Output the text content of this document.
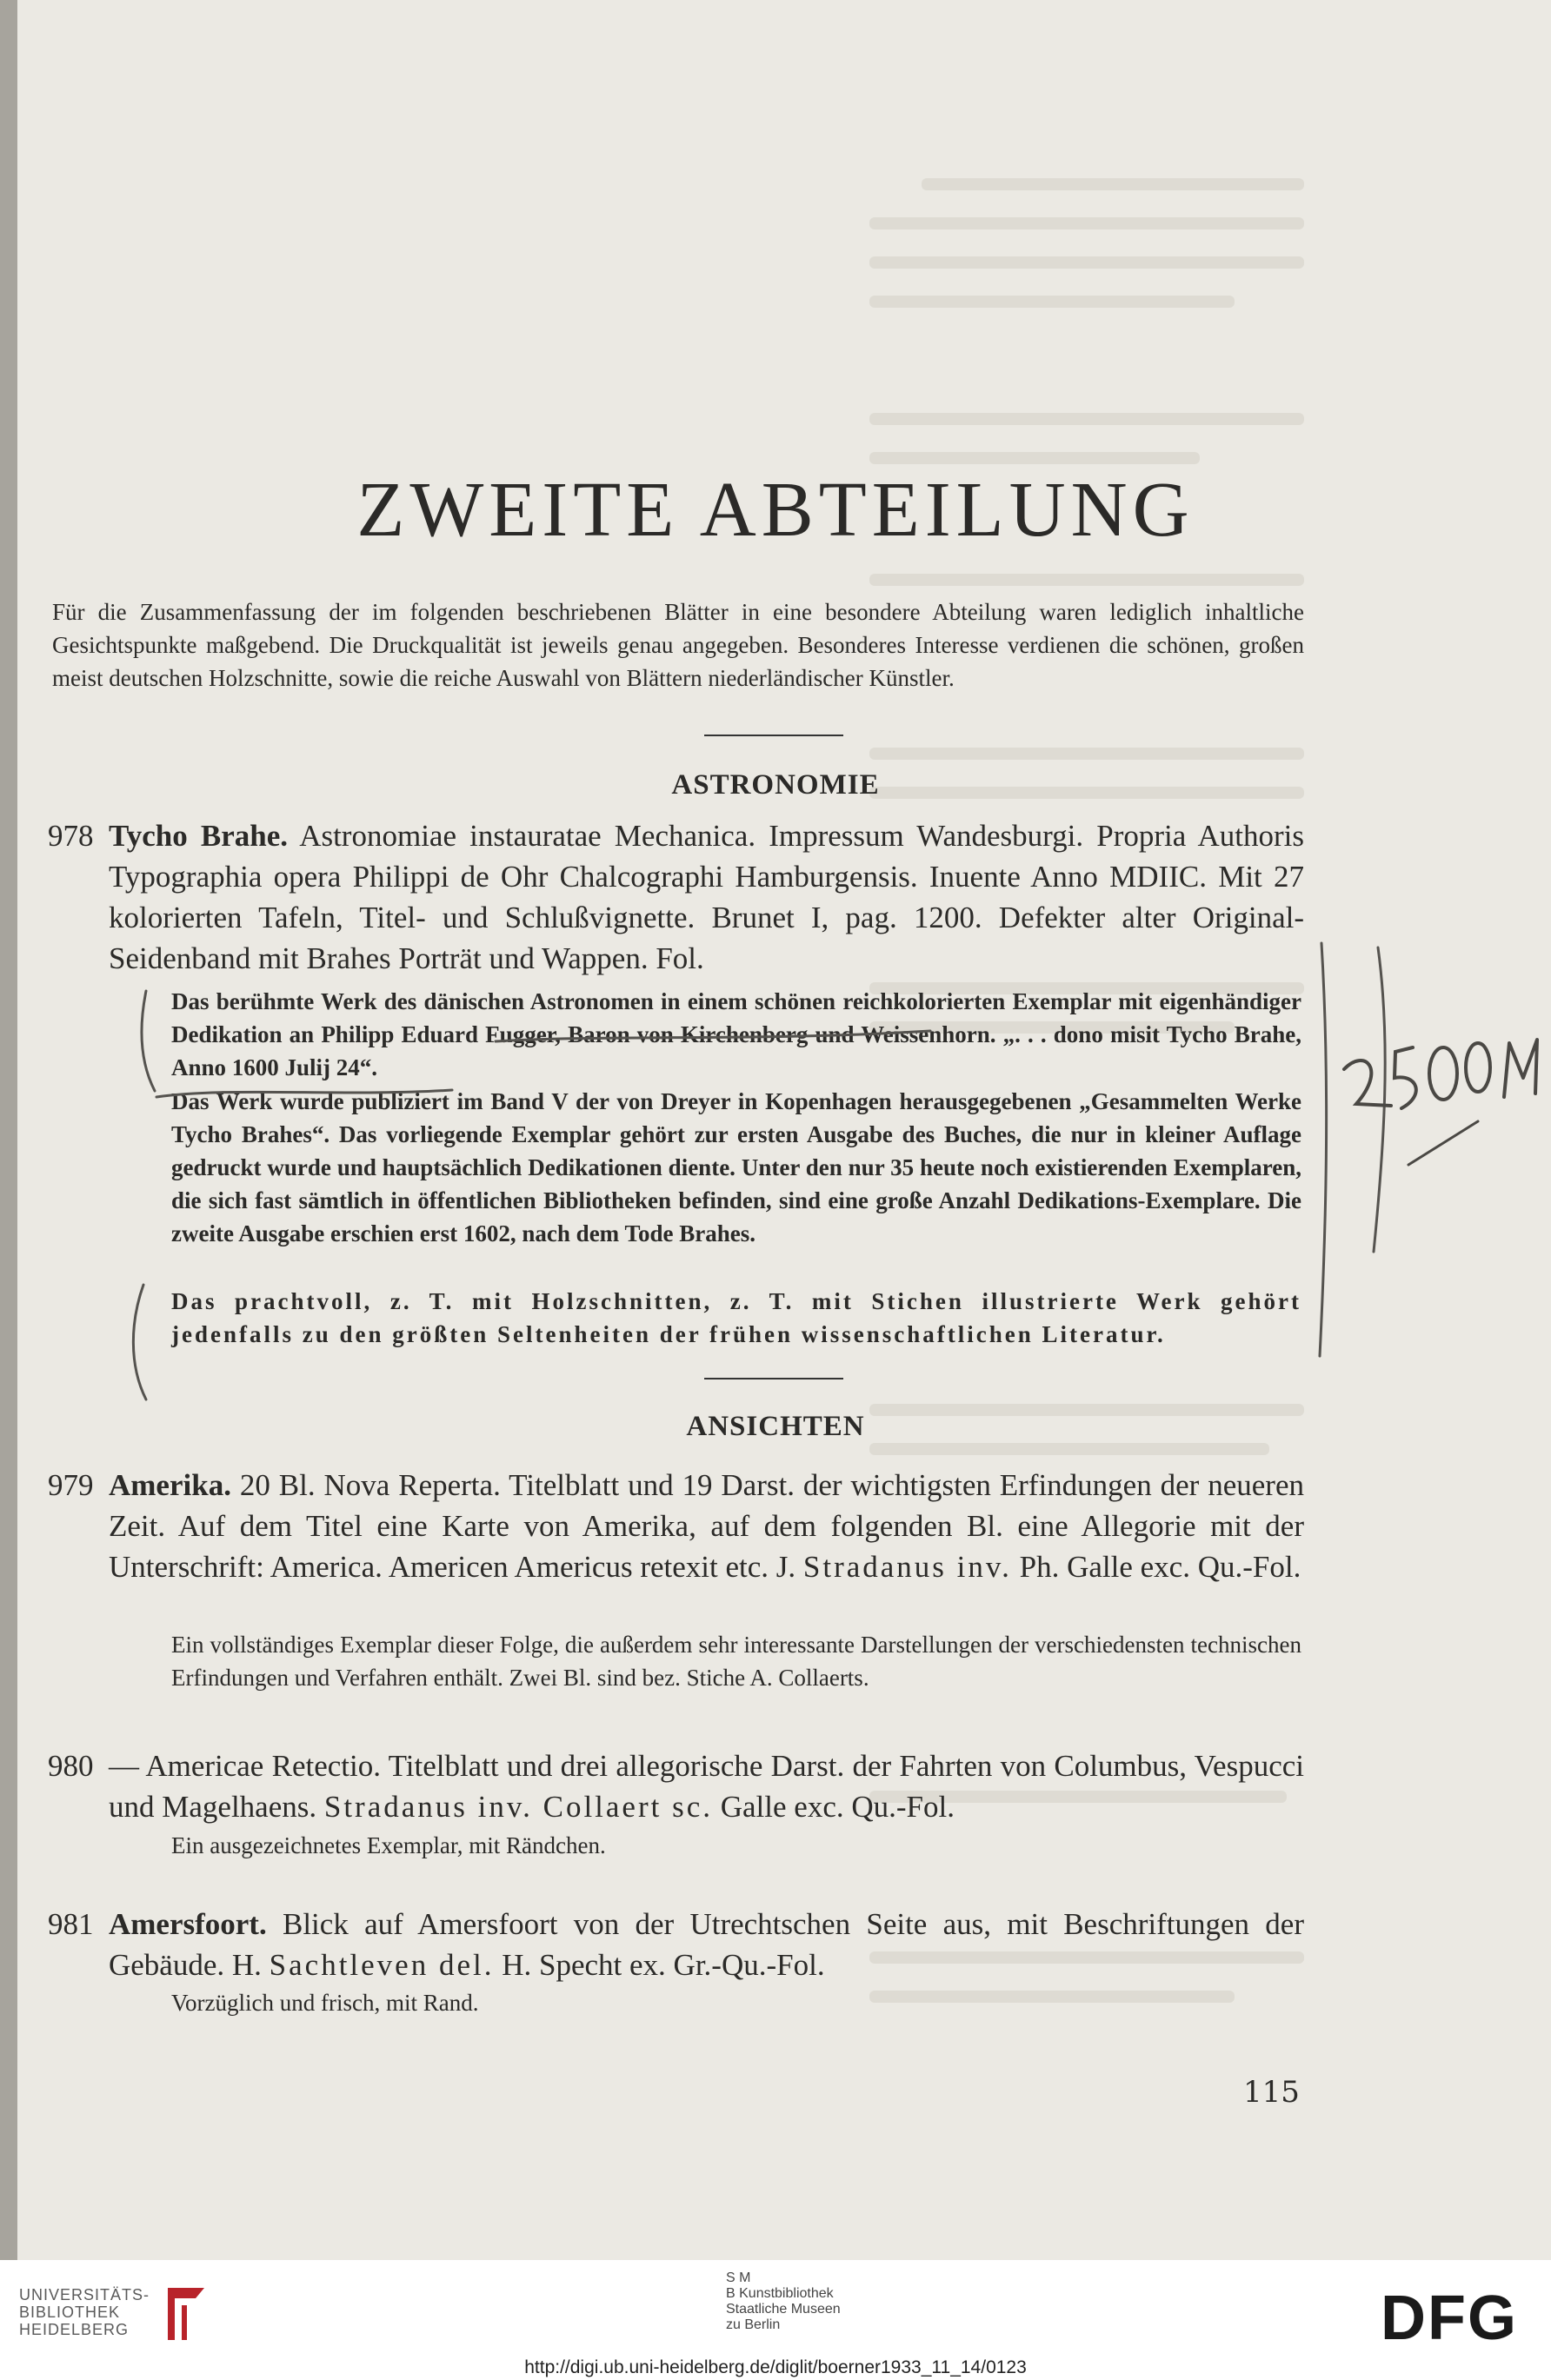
ZWEITE ABTEILUNG
Für die Zusammenfassung der im folgenden beschriebenen Blätter in eine besondere Abteilung waren lediglich inhaltliche Gesichtspunkte maßgebend. Die Druckqualität ist jeweils genau angegeben. Besonderes Interesse verdienen die schönen, großen meist deutschen Holzschnitte, sowie die reiche Auswahl von Blättern niederländischer Künstler.
ASTRONOMIE
978 Tycho Brahe. Astronomiae instauratae Mechanica. Impressum Wandesburgi. Propria Authoris Typographia opera Philippi de Ohr Chalcographi Hamburgensis. Inuente Anno MDIIC. Mit 27 kolorierten Tafeln, Titel- und Schlußvignette. Brunet I, pag. 1200. Defekter alter Original-Seidenband mit Brahes Porträt und Wappen. Fol.
Das berühmte Werk des dänischen Astronomen in einem schönen reichkolorierten Exemplar mit eigenhändiger Dedikation an Philipp Eduard Fugger, Baron von Kirchenberg und Weissenhorn. „. . . dono misit Tycho Brahe, Anno 1600 Julij 24“.
Das Werk wurde publiziert im Band V der von Dreyer in Kopenhagen herausgegebenen „Gesammelten Werke Tycho Brahes“. Das vorliegende Exemplar gehört zur ersten Ausgabe des Buches, die nur in kleiner Auflage gedruckt wurde und hauptsächlich Dedikationen diente. Unter den nur 35 heute noch existierenden Exemplaren, die sich fast sämtlich in öffentlichen Bibliotheken befinden, sind eine große Anzahl Dedikations-Exemplare. Die zweite Ausgabe erschien erst 1602, nach dem Tode Brahes.
Das prachtvoll, z. T. mit Holzschnitten, z. T. mit Stichen illustrierte Werk gehört jedenfalls zu den größten Seltenheiten der frühen wissenschaftlichen Literatur.
ANSICHTEN
979 Amerika. 20 Bl. Nova Reperta. Titelblatt und 19 Darst. der wichtigsten Erfindungen der neueren Zeit. Auf dem Titel eine Karte von Amerika, auf dem folgenden Bl. eine Allegorie mit der Unterschrift: America. Americen Americus retexit etc. J. Stradanus inv. Ph. Galle exc. Qu.-Fol.
Ein vollständiges Exemplar dieser Folge, die außerdem sehr interessante Darstellungen der verschiedensten technischen Erfindungen und Verfahren enthält. Zwei Bl. sind bez. Stiche A. Collaerts.
980 — Americae Retectio. Titelblatt und drei allegorische Darst. der Fahrten von Columbus, Vespucci und Magelhaens. Stradanus inv. Collaert sc. Galle exc. Qu.-Fol.
Ein ausgezeichnetes Exemplar, mit Rändchen.
981 Amersfoort. Blick auf Amersfoort von der Utrechtschen Seite aus, mit Beschriftungen der Gebäude. H. Sachtleven del. H. Specht ex. Gr.-Qu.-Fol.
Vorzüglich und frisch, mit Rand.
115
UNIVERSITÄTS-
BIBLIOTHEK
HEIDELBERG
S M
B Kunstbibliothek
Staatliche Museen
zu Berlin	DFG
http://digi.ub.uni-heidelberg.de/diglit/boerner1933_11_14/0123
